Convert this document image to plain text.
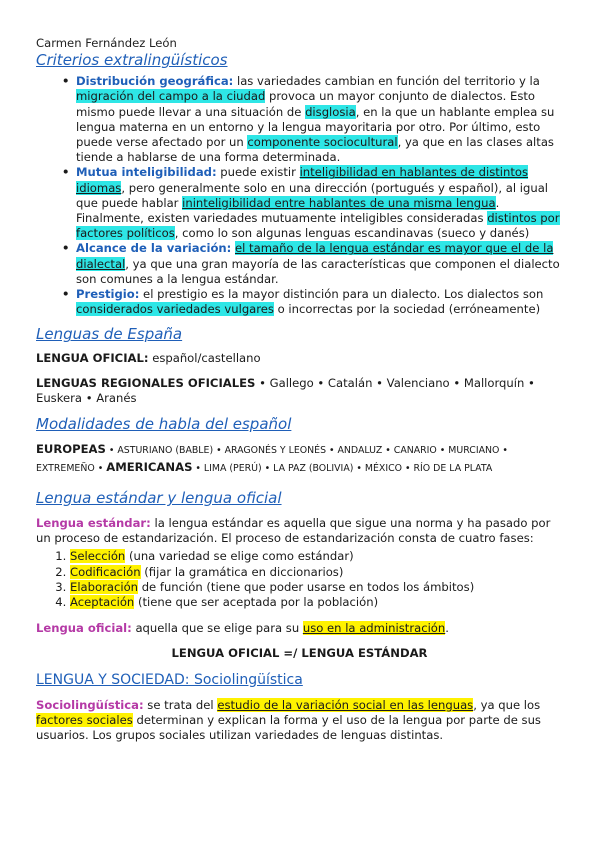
Carmen Fernández León

Criterios extralingüísticos
• Distribución geográfica: las variedades cambian en función del territorio y la migración del campo a la ciudad provoca un mayor conjunto de dialectos. Esto mismo puede llevar a una situación de disglosia, en la que un hablante emplea su lengua materna en un entorno y la lengua mayoritaria por otro. Por último, esto puede verse afectado por un componente sociocultural, ya que en las clases altas tiende a hablarse de una forma determinada.
• Mutua inteligibilidad: puede existir inteligibilidad en hablantes de distintos idiomas, pero generalmente solo en una dirección (portugués y español), al igual que puede hablar ininteligibilidad entre hablantes de una misma lengua. Finalmente, existen variedades mutuamente inteligibles consideradas distintos por factores políticos, como lo son algunas lenguas escandinavas (sueco y danés)
• Alcance de la variación: el tamaño de la lengua estándar es mayor que el de la dialectal, ya que una gran mayoría de las características que componen el dialecto son comunes a la lengua estándar.
• Prestigio: el prestigio es la mayor distinción para un dialecto. Los dialectos son considerados variedades vulgares o incorrectas por la sociedad (erróneamente)
Lenguas de España

LENGUA OFICIAL: español/castellano

LENGUAS REGIONALES OFICIALES • Gallego • Catalán • Valenciano • Mallorquín • Euskera • Aranés

Modalidades de habla del español

EUROPEAS • ASTURIANO (BABLE) • ARAGONÉS Y LEONÉS • ANDALUZ • CANARIO • MURCIANO • EXTREMEÑO • AMERICANAS • LIMA (PERÚ) • LA PAZ (BOLIVIA) • MÉXICO • RÍO DE LA PLATA

Lengua estándar y lengua oficial

Lengua estándar: la lengua estándar es aquella que sigue una norma y ha pasado por un proceso de estandarización. El proceso de estandarización consta de cuatro fases:

1. Selección (una variedad se elige como estándar)
2. Codificación (fijar la gramática en diccionarios)
3. Elaboración de función (tiene que poder usarse en todos los ámbitos)
4. Aceptación (tiene que ser aceptada por la población)

Lengua oficial: aquella que se elige para su uso en la administración.

LENGUA OFICIAL =/ LENGUA ESTÁNDAR

LENGUA Y SOCIEDAD: Sociolingüística

Sociolingüística: se trata del estudio de la variación social en las lenguas, ya que los factores sociales determinan y explican la forma y el uso de la lengua por parte de sus usuarios. Los grupos sociales utilizan variedades de lenguas distintas.
